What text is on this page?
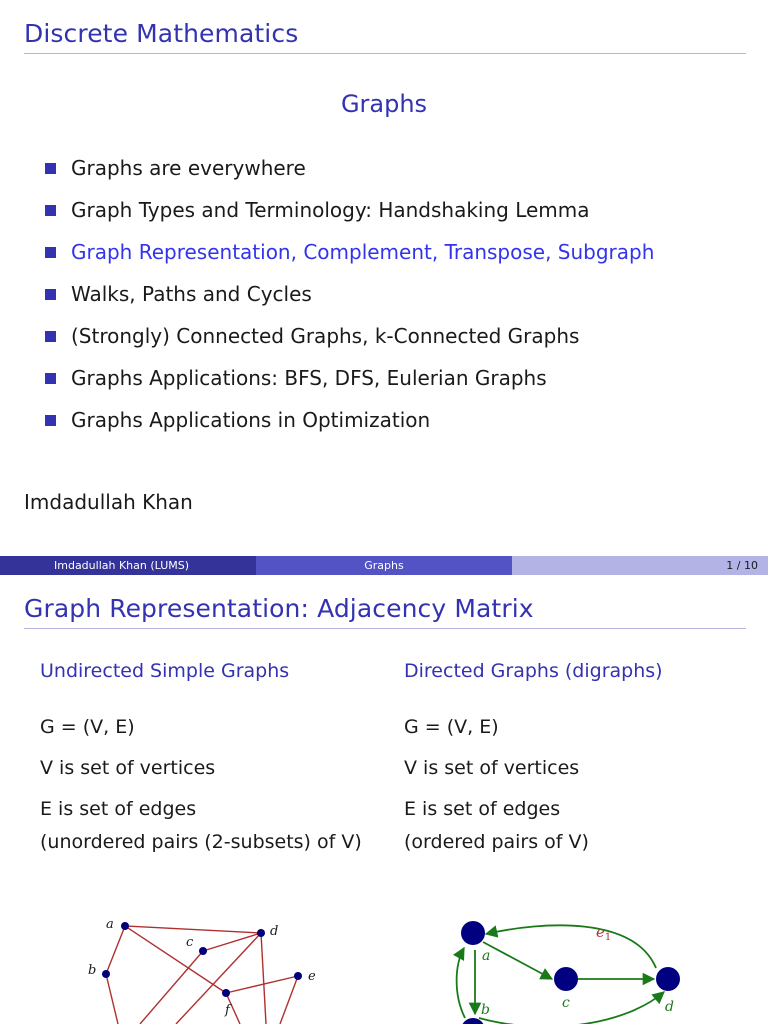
Discrete Mathematics
Graphs
Graphs are everywhere
Graph Types and Terminology: Handshaking Lemma
Graph Representation, Complement, Transpose, Subgraph
Walks, Paths and Cycles
(Strongly) Connected Graphs, k-Connected Graphs
Graphs Applications: BFS, DFS, Eulerian Graphs
Graphs Applications in Optimization
Imdadullah Khan
Imdadullah Khan (LUMS)	Graphs	1 / 10
Graph Representation: Adjacency Matrix
Undirected Simple Graphs
G = (V, E)
V is set of vertices
E is set of edges
(unordered pairs (2-subsets) of V)
Directed Graphs (digraphs)
G = (V, E)
V is set of vertices
E is set of edges
(ordered pairs of V)
a
b
c
d
e
f
a
b	c	d
$e_1$
